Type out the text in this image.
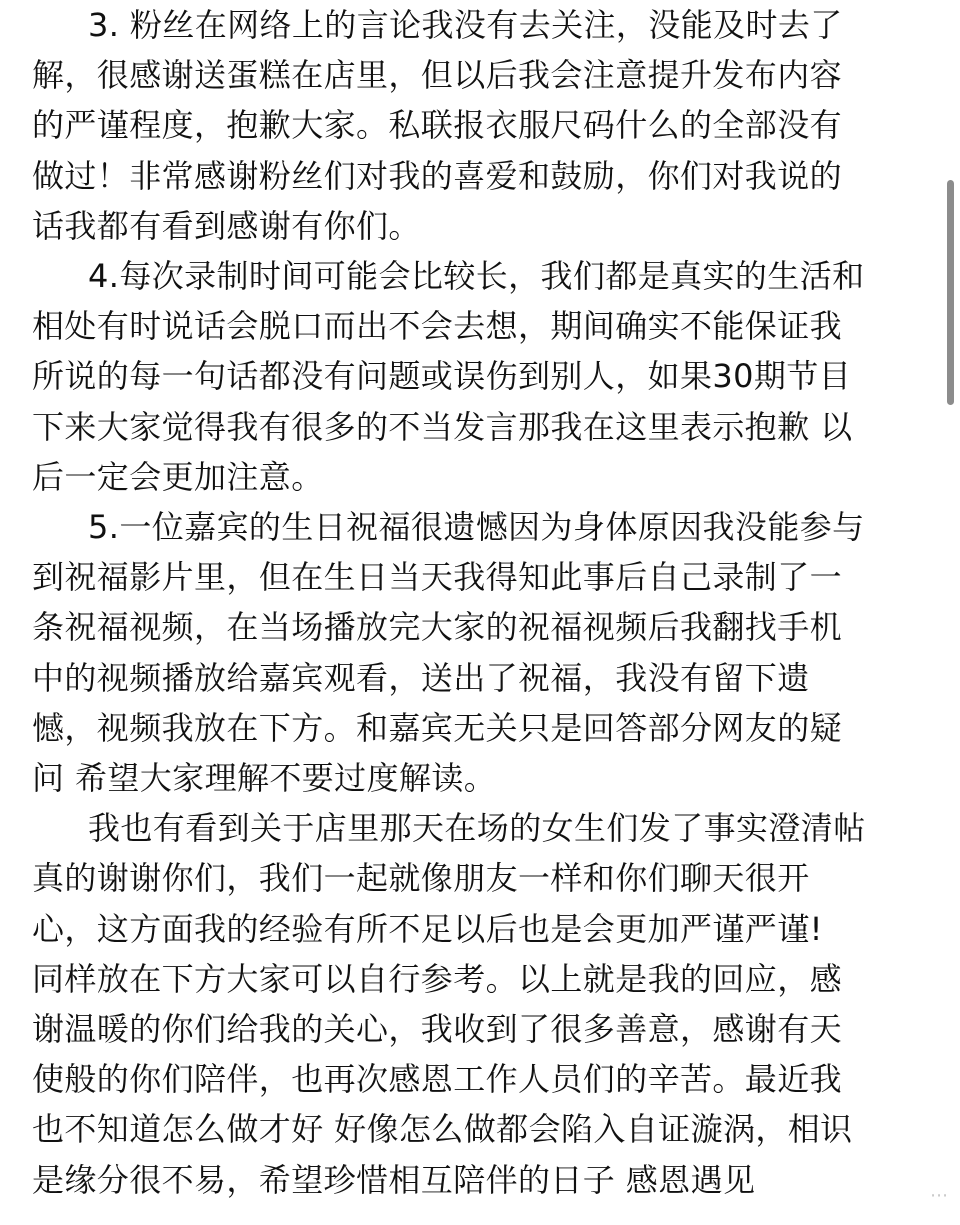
3. 粉丝在网络上的言论我没有去关注，没能及时去了
解，很感谢送蛋糕在店里，但以后我会注意提升发布内容
的严谨程度，抱歉大家。私联报衣服尺码什么的全部没有
做过！非常感谢粉丝们对我的喜爱和鼓励，你们对我说的
话我都有看到感谢有你们。
4.每次录制时间可能会比较长，我们都是真实的生活和
相处有时说话会脱口而出不会去想，期间确实不能保证我
所说的每一句话都没有问题或误伤到别人，如果30期节目
下来大家觉得我有很多的不当发言那我在这里表示抱歉 以
后一定会更加注意。
5.一位嘉宾的生日祝福很遗憾因为身体原因我没能参与
到祝福影片里，但在生日当天我得知此事后自己录制了一
条祝福视频，在当场播放完大家的祝福视频后我翻找手机
中的视频播放给嘉宾观看，送出了祝福，我没有留下遗
憾，视频我放在下方。和嘉宾无关只是回答部分网友的疑
问 希望大家理解不要过度解读。
我也有看到关于店里那天在场的女生们发了事实澄清帖
真的谢谢你们，我们一起就像朋友一样和你们聊天很开
心，这方面我的经验有所不足以后也是会更加严谨严谨!
同样放在下方大家可以自行参考。以上就是我的回应，感
谢温暖的你们给我的关心，我收到了很多善意，感谢有天
使般的你们陪伴，也再次感恩工作人员们的辛苦。最近我
也不知道怎么做才好 好像怎么做都会陷入自证漩涡，相识
是缘分很不易，希望珍惜相互陪伴的日子 感恩遇见	⋯
